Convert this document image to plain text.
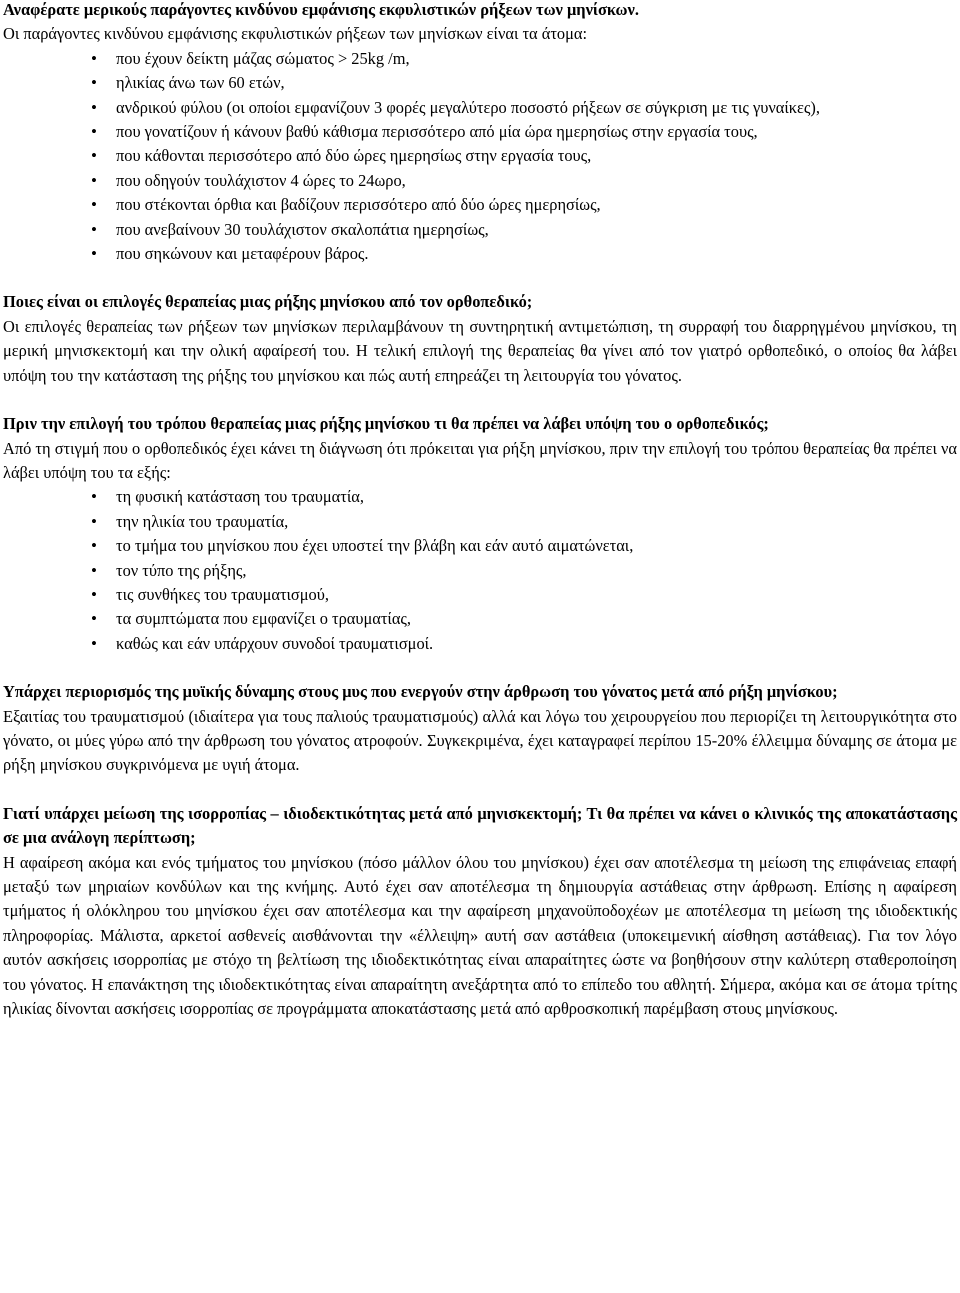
Αναφέρατε μερικούς παράγοντες κινδύνου εμφάνισης εκφυλιστικών ρήξεων των μηνίσκων.

Οι παράγοντες κινδύνου εμφάνισης εκφυλιστικών ρήξεων των μηνίσκων είναι τα άτομα:

•
που έχουν δείκτη μάζας σώματος > 25kg /m,
•
ηλικίας άνω των 60 ετών,
•
ανδρικού φύλου (οι οποίοι εμφανίζουν 3 φορές μεγαλύτερο ποσοστό ρήξεων σε σύγκριση με τις γυναίκες),
•
που γονατίζουν ή κάνουν βαθύ κάθισμα περισσότερο από μία ώρα ημερησίως στην εργασία τους,
•
που κάθονται περισσότερο από δύο ώρες ημερησίως στην εργασία τους,
•
που οδηγούν τουλάχιστον 4 ώρες το 24ωρο,
•
που στέκονται όρθια και βαδίζουν περισσότερο από δύο ώρες ημερησίως,
•
που ανεβαίνουν 30 τουλάχιστον σκαλοπάτια ημερησίως,
•
που σηκώνουν και μεταφέρουν βάρος.

Ποιες είναι οι επιλογές θεραπείας μιας ρήξης μηνίσκου από τον ορθοπεδικό;

Οι επιλογές θεραπείας των ρήξεων των μηνίσκων περιλαμβάνουν τη συντηρητική αντιμετώπιση, τη συρραφή του διαρρηγμένου μηνίσκου, τη μερική μηνισκεκτομή και την ολική αφαίρεσή του. Η τελική επιλογή της θεραπείας θα γίνει από τον γιατρό ορθοπεδικό, ο οποίος θα λάβει υπόψη του την κατάσταση της ρήξης του μηνίσκου και πώς αυτή επηρεάζει τη λειτουργία του γόνατος.

Πριν την επιλογή του τρόπου θεραπείας μιας ρήξης μηνίσκου τι θα πρέπει να λάβει υπόψη του ο ορθοπεδικός;

Από τη στιγμή που ο ορθοπεδικός έχει κάνει τη διάγνωση ότι πρόκειται για ρήξη μηνίσκου, πριν την επιλογή του τρόπου θεραπείας θα πρέπει να λάβει υπόψη του τα εξής:

•
τη φυσική κατάσταση του τραυματία,
•
την ηλικία του τραυματία,
•
το τμήμα του μηνίσκου που έχει υποστεί την βλάβη και εάν αυτό αιματώνεται,
•
τον τύπο της ρήξης,
•
τις συνθήκες του τραυματισμού,
•
τα συμπτώματα που εμφανίζει ο τραυματίας,
•
καθώς και εάν υπάρχουν συνοδοί τραυματισμοί.

Υπάρχει περιορισμός της μυϊκής δύναμης στους μυς που ενεργούν στην άρθρωση του γόνατος μετά από ρήξη μηνίσκου;

Εξαιτίας του τραυματισμού (ιδιαίτερα για τους παλιούς τραυματισμούς) αλλά και λόγω του χειρουργείου που περιορίζει τη λειτουργικότητα στο γόνατο, οι μύες γύρω από την άρθρωση του γόνατος ατροφούν. Συγκεκριμένα, έχει καταγραφεί περίπου 15-20% έλλειμμα δύναμης σε άτομα με ρήξη μηνίσκου συγκρινόμενα με υγιή άτομα.

Γιατί υπάρχει μείωση της ισορροπίας – ιδιοδεκτικότητας μετά από μηνισκεκτομή; Τι θα πρέπει να κάνει ο κλινικός της αποκατάστασης σε μια ανάλογη περίπτωση;

Η αφαίρεση ακόμα και ενός τμήματος του μηνίσκου (πόσο μάλλον όλου του μηνίσκου) έχει σαν αποτέλεσμα τη μείωση της επιφάνειας επαφή μεταξύ των μηριαίων κονδύλων και της κνήμης. Αυτό έχει σαν αποτέλεσμα τη δημιουργία αστάθειας στην άρθρωση. Επίσης η αφαίρεση τμήματος ή ολόκληρου του μηνίσκου έχει σαν αποτέλεσμα και την αφαίρεση μηχανοϋποδοχέων με αποτέλεσμα τη μείωση της ιδιοδεκτικής πληροφορίας. Μάλιστα, αρκετοί ασθενείς αισθάνονται την «έλλειψη» αυτή σαν αστάθεια (υποκειμενική αίσθηση αστάθειας). Για τον λόγο αυτόν ασκήσεις ισορροπίας με στόχο τη βελτίωση της ιδιοδεκτικότητας είναι απαραίτητες ώστε να βοηθήσουν στην καλύτερη σταθεροποίηση του γόνατος. Η επανάκτηση της ιδιοδεκτικότητας είναι απαραίτητη ανεξάρτητα από το επίπεδο του αθλητή. Σήμερα, ακόμα και σε άτομα τρίτης ηλικίας δίνονται ασκήσεις ισορροπίας σε προγράμματα αποκατάστασης μετά από αρθροσκοπική παρέμβαση στους μηνίσκους.
